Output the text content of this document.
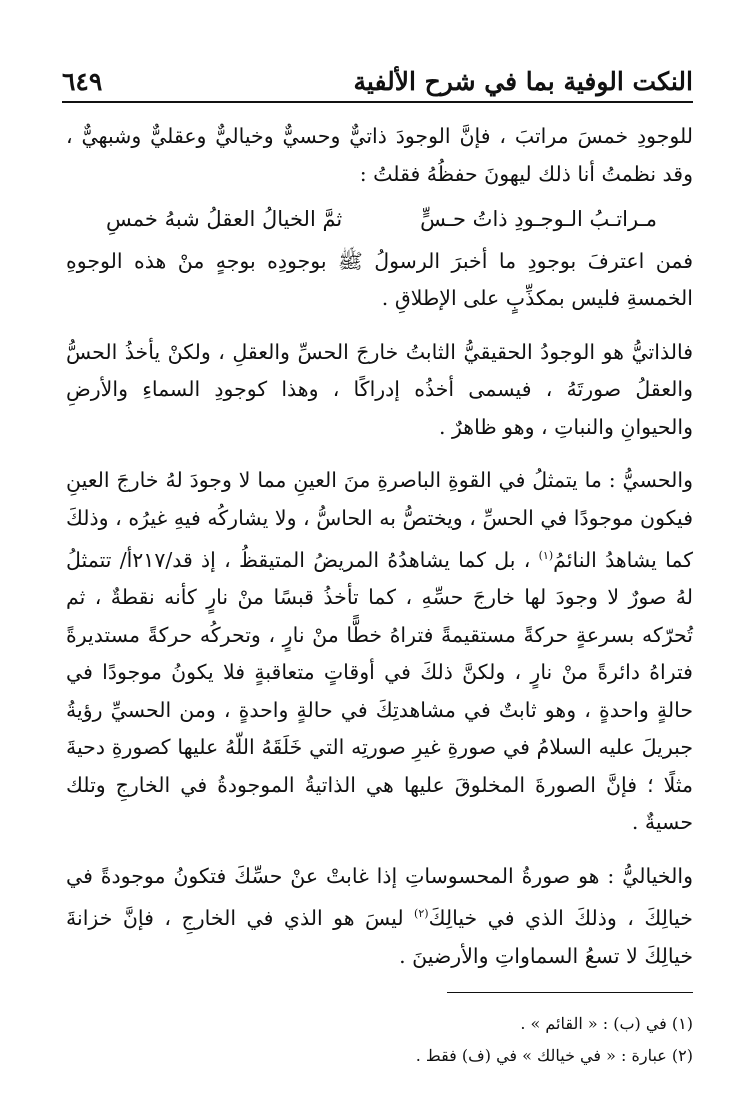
النكت الوفية بما في شرح الألفية
٦٤٩

للوجودِ خمسَ مراتبَ ، فإنَّ الوجودَ ذاتيٌّ وحسيٌّ وخياليٌّ وعقليٌّ وشبهيٌّ ، وقد نظمتُ أنا ذلك ليهونَ حفظُهُ فقلتُ :

مـراتـبُ الـوجـودِ ذاتُ حـسٍّ
ثمَّ الخيالُ العقلُ شبهُ خمسِ

فمن اعترفَ بوجودِ ما أخبرَ الرسولُ ﷺ بوجودِه بوجهٍ منْ هذه الوجوهِ الخمسةِ فليس بمكذِّبٍ على الإطلاقِ .

فالذاتيُّ هو الوجودُ الحقيقيُّ الثابتُ خارجَ الحسِّ والعقلِ ، ولكنْ يأخذُ الحسُّ والعقلُ صورتَهُ ، فيسمى أخذُه إدراكًا ، وهذا كوجودِ السماءِ والأرضِ والحيوانِ والنباتِ ، وهو ظاهرٌ .

والحسيُّ : ما يتمثلُ في القوةِ الباصرةِ منَ العينِ مما لا وجودَ لهُ خارجَ العينِ فيكون موجودًا في الحسِّ ، ويختصُّ به الحاسُّ ، ولا يشاركُه فيهِ غيرُه ، وذلكَ كما يشاهدُ النائمُ$^{(١)}$ ، بل كما يشاهدُهُ المريضُ المتيقظُ ، إذ قد/٢١٧أ/ تتمثلُ لهُ صورٌ لا وجودَ لها خارجَ حسِّهِ ، كما تأخذُ قبسًا منْ نارٍ كأنه نقطةٌ ، ثم تُحرّكه بسرعةٍ حركةً مستقيمةً فتراهُ خطًّا منْ نارٍ ، وتحركُه حركةً مستديرةً فتراهُ دائرةً منْ نارٍ ، ولكنَّ ذلكَ في أوقاتٍ متعاقبةٍ فلا يكونُ موجودًا في حالةٍ واحدةٍ ، وهو ثابتٌ في مشاهدتِكَ في حالةٍ واحدةٍ ، ومن الحسيِّ رؤيةُ جبريلَ عليه السلامُ في صورةِ غيرِ صورتِه التي خَلَقَهُ اللّهُ عليها كصورةِ دحيةَ مثلًا ؛ فإنَّ الصورةَ المخلوقَ عليها هي الذاتيةُ الموجودةُ في الخارجِ وتلك حسيةٌ .

والخياليُّ : هو صورةُ المحسوساتِ إذا غابتْ عنْ حسِّكَ فتكونُ موجودةً في خيالِكَ ، وذلكَ الذي في خيالِكَ$^{(٢)}$ ليسَ هو الذي في الخارجِ ، فإنَّ خزانةَ خيالِكَ لا تسعُ السماواتِ والأرضينَ .

(١) في (ب) : « القائم » .
(٢) عبارة : « في خيالك » في (ف) فقط .
